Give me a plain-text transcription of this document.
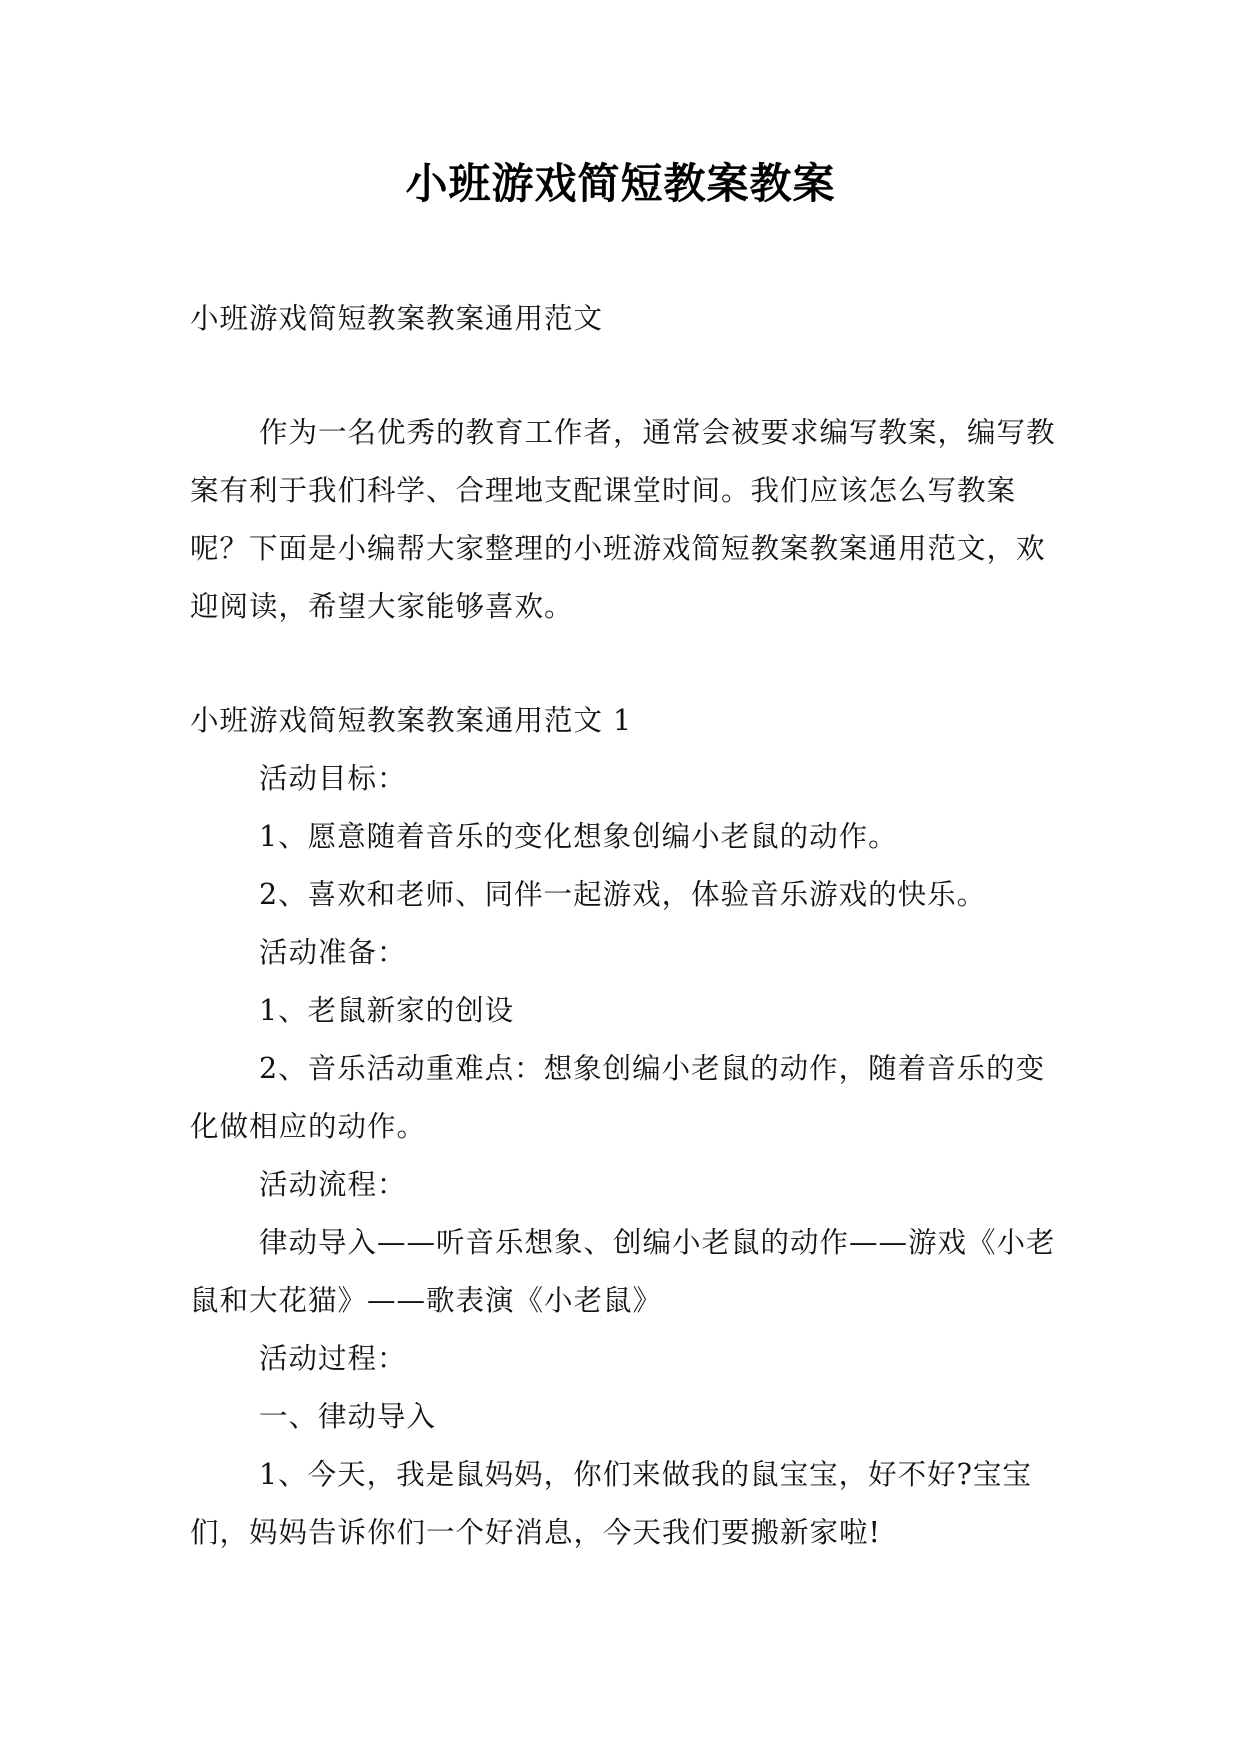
小班游戏简短教案教案

小班游戏简短教案教案通用范文

作为一名优秀的教育工作者，通常会被要求编写教案，编写教案有利于我们科学、合理地支配课堂时间。我们应该怎么写教案呢？下面是小编帮大家整理的小班游戏简短教案教案通用范文，欢迎阅读，希望大家能够喜欢。

小班游戏简短教案教案通用范文 1

活动目标：

1、愿意随着音乐的变化想象创编小老鼠的动作。

2、喜欢和老师、同伴一起游戏，体验音乐游戏的快乐。

活动准备：

1、老鼠新家的创设

2、音乐活动重难点：想象创编小老鼠的动作，随着音乐的变化做相应的动作。

活动流程：

律动导入——听音乐想象、创编小老鼠的动作——游戏《小老鼠和大花猫》——歌表演《小老鼠》

活动过程：

一、律动导入

1、今天，我是鼠妈妈，你们来做我的鼠宝宝，好不好?宝宝们，妈妈告诉你们一个好消息，今天我们要搬新家啦!
